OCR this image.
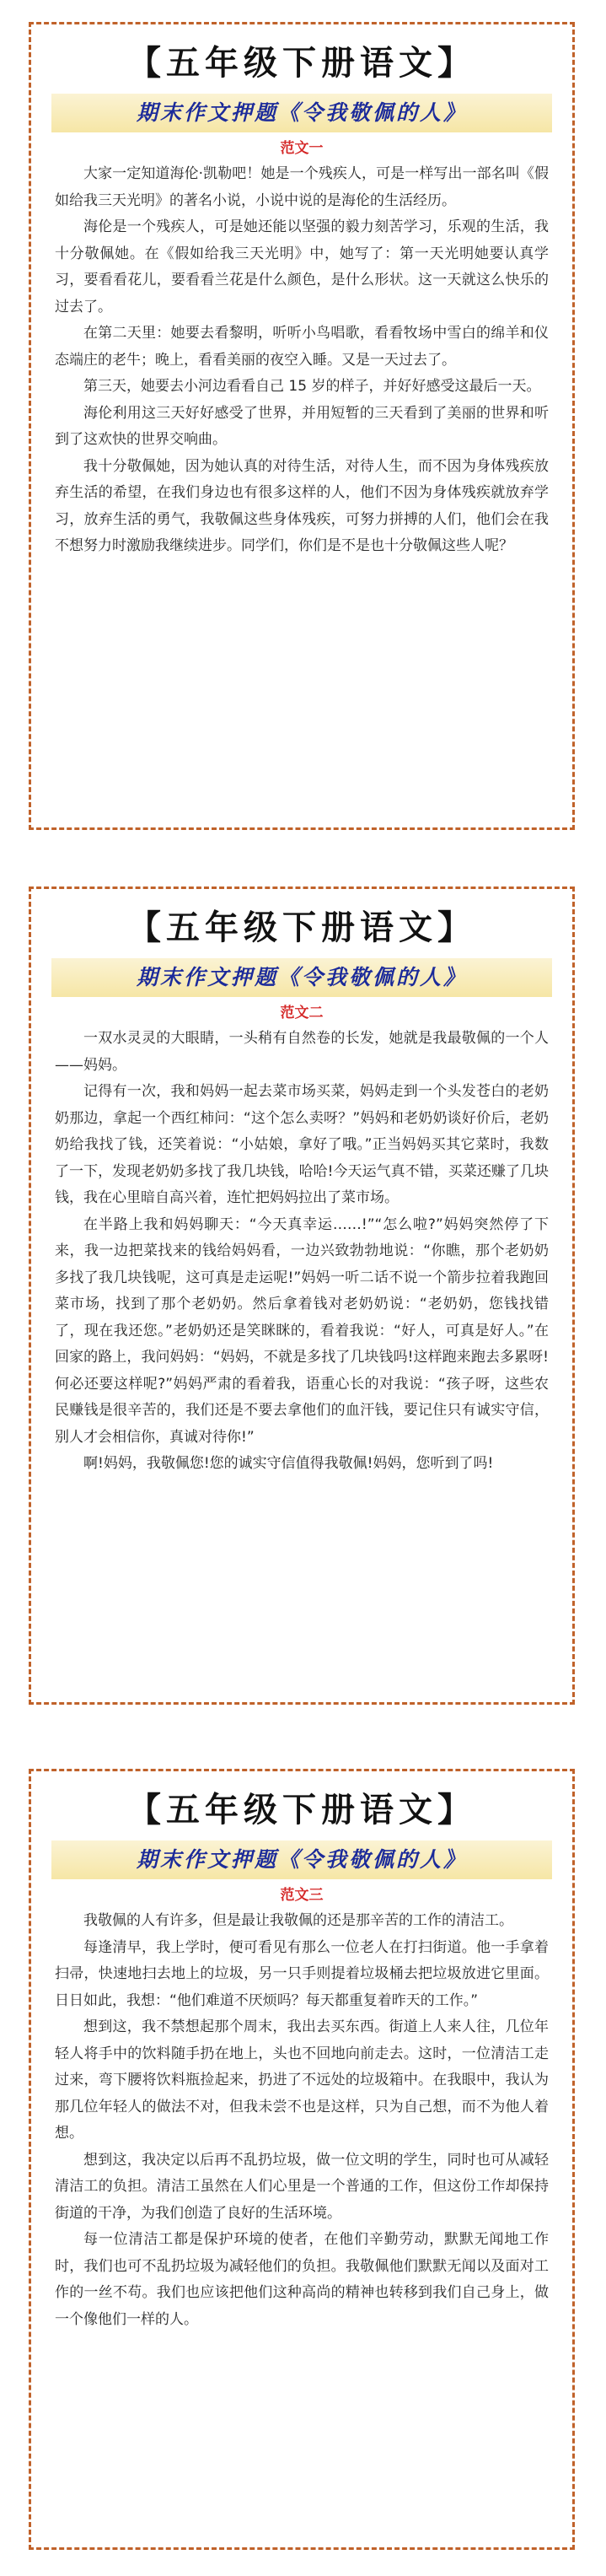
【五年级下册语文】
期末作文押题《令我敬佩的人》
范文一

大家一定知道海伦·凯勒吧！她是一个残疾人，可是一样写出一部名叫《假如给我三天光明》的著名小说，小说中说的是海伦的生活经历。

海伦是一个残疾人，可是她还能以坚强的毅力刻苦学习，乐观的生活，我十分敬佩她。在《假如给我三天光明》中，她写了：第一天光明她要认真学习，要看看花儿，要看看兰花是什么颜色，是什么形状。这一天就这么快乐的过去了。

在第二天里：她要去看黎明，听听小鸟唱歌，看看牧场中雪白的绵羊和仪态端庄的老牛；晚上，看看美丽的夜空入睡。又是一天过去了。

第三天，她要去小河边看看自己 15 岁的样子，并好好感受这最后一天。

海伦利用这三天好好感受了世界，并用短暂的三天看到了美丽的世界和听到了这欢快的世界交响曲。

我十分敬佩她，因为她认真的对待生活，对待人生，而不因为身体残疾放弃生活的希望，在我们身边也有很多这样的人，他们不因为身体残疾就放弃学习，放弃生活的勇气，我敬佩这些身体残疾，可努力拼搏的人们，他们会在我不想努力时激励我继续进步。同学们，你们是不是也十分敬佩这些人呢？

【五年级下册语文】
期末作文押题《令我敬佩的人》
范文二

一双水灵灵的大眼睛，一头稍有自然卷的长发，她就是我最敬佩的一个人——妈妈。

记得有一次，我和妈妈一起去菜市场买菜，妈妈走到一个头发苍白的老奶奶那边，拿起一个西红柿问：“这个怎么卖呀？”妈妈和老奶奶谈好价后，老奶奶给我找了钱，还笑着说：“小姑娘，拿好了哦。”正当妈妈买其它菜时，我数了一下，发现老奶奶多找了我几块钱，哈哈!今天运气真不错，买菜还赚了几块钱，我在心里暗自高兴着，连忙把妈妈拉出了菜市场。

在半路上我和妈妈聊天：“今天真幸运……!”“怎么啦?”妈妈突然停了下来，我一边把菜找来的钱给妈妈看，一边兴致勃勃地说：“你瞧，那个老奶奶多找了我几块钱呢，这可真是走运呢!”妈妈一听二话不说一个箭步拉着我跑回菜市场，找到了那个老奶奶。然后拿着钱对老奶奶说：“老奶奶，您钱找错了，现在我还您。”老奶奶还是笑眯眯的，看着我说：“好人，可真是好人。”在回家的路上，我问妈妈：“妈妈，不就是多找了几块钱吗!这样跑来跑去多累呀!何必还要这样呢?”妈妈严肃的看着我，语重心长的对我说：“孩子呀，这些农民赚钱是很辛苦的，我们还是不要去拿他们的血汗钱，要记住只有诚实守信，别人才会相信你，真诚对待你!”

啊!妈妈，我敬佩您!您的诚实守信值得我敬佩!妈妈，您听到了吗!

【五年级下册语文】
期末作文押题《令我敬佩的人》
范文三

我敬佩的人有许多，但是最让我敬佩的还是那辛苦的工作的清洁工。

每逢清早，我上学时，便可看见有那么一位老人在打扫街道。他一手拿着扫帚，快速地扫去地上的垃圾，另一只手则提着垃圾桶去把垃圾放进它里面。日日如此，我想：“他们难道不厌烦吗？每天都重复着昨天的工作。”

想到这，我不禁想起那个周末，我出去买东西。街道上人来人往，几位年轻人将手中的饮料随手扔在地上，头也不回地向前走去。这时，一位清洁工走过来，弯下腰将饮料瓶捡起来，扔进了不远处的垃圾箱中。在我眼中，我认为那几位年轻人的做法不对，但我未尝不也是这样，只为自己想，而不为他人着想。

想到这，我决定以后再不乱扔垃圾，做一位文明的学生，同时也可从减轻清洁工的负担。清洁工虽然在人们心里是一个普通的工作，但这份工作却保持街道的干净，为我们创造了良好的生活环境。

每一位清洁工都是保护环境的使者，在他们辛勤劳动，默默无闻地工作时，我们也可不乱扔垃圾为减轻他们的负担。我敬佩他们默默无闻以及面对工作的一丝不苟。我们也应该把他们这种高尚的精神也转移到我们自己身上，做一个像他们一样的人。
